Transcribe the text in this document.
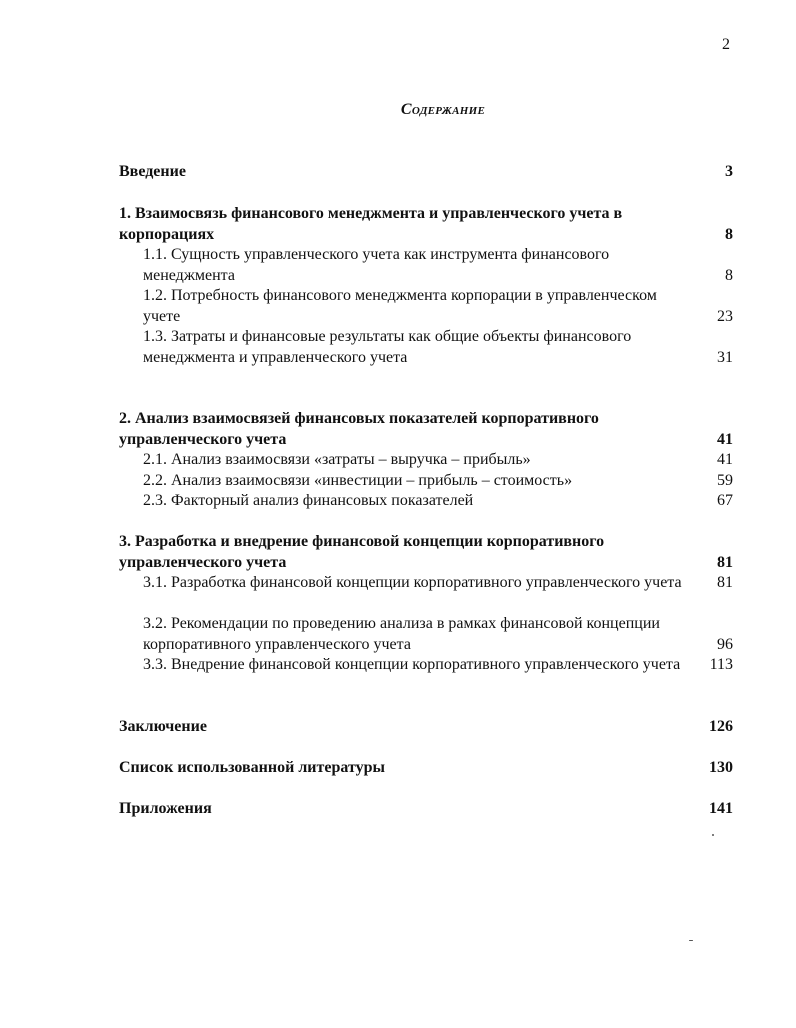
2
Содержание
Введение	3
1. Взаимосвязь финансового менеджмента и управленческого учета в корпорациях	8
1.1. Сущность управленческого учета как инструмента финансового менеджмента	8
1.2. Потребность финансового менеджмента корпорации в управленческом учете	23
1.3. Затраты и финансовые результаты как общие объекты финансового менеджмента и управленческого учета	31
2. Анализ взаимосвязей финансовых показателей корпоративного управленческого учета	41
2.1. Анализ взаимосвязи «затраты – выручка – прибыль»	41
2.2. Анализ взаимосвязи «инвестиции – прибыль – стоимость»	59
2.3. Факторный анализ финансовых показателей	67
3. Разработка и внедрение финансовой концепции корпоративного управленческого учета	81
3.1. Разработка финансовой концепции корпоративного управленческого учета	81
3.2. Рекомендации по проведению анализа в рамках финансовой концепции корпоративного управленческого учета	96
3.3. Внедрение финансовой концепции корпоративного управленческого учета	113
Заключение	126
Список использованной литературы	130
Приложения	141
